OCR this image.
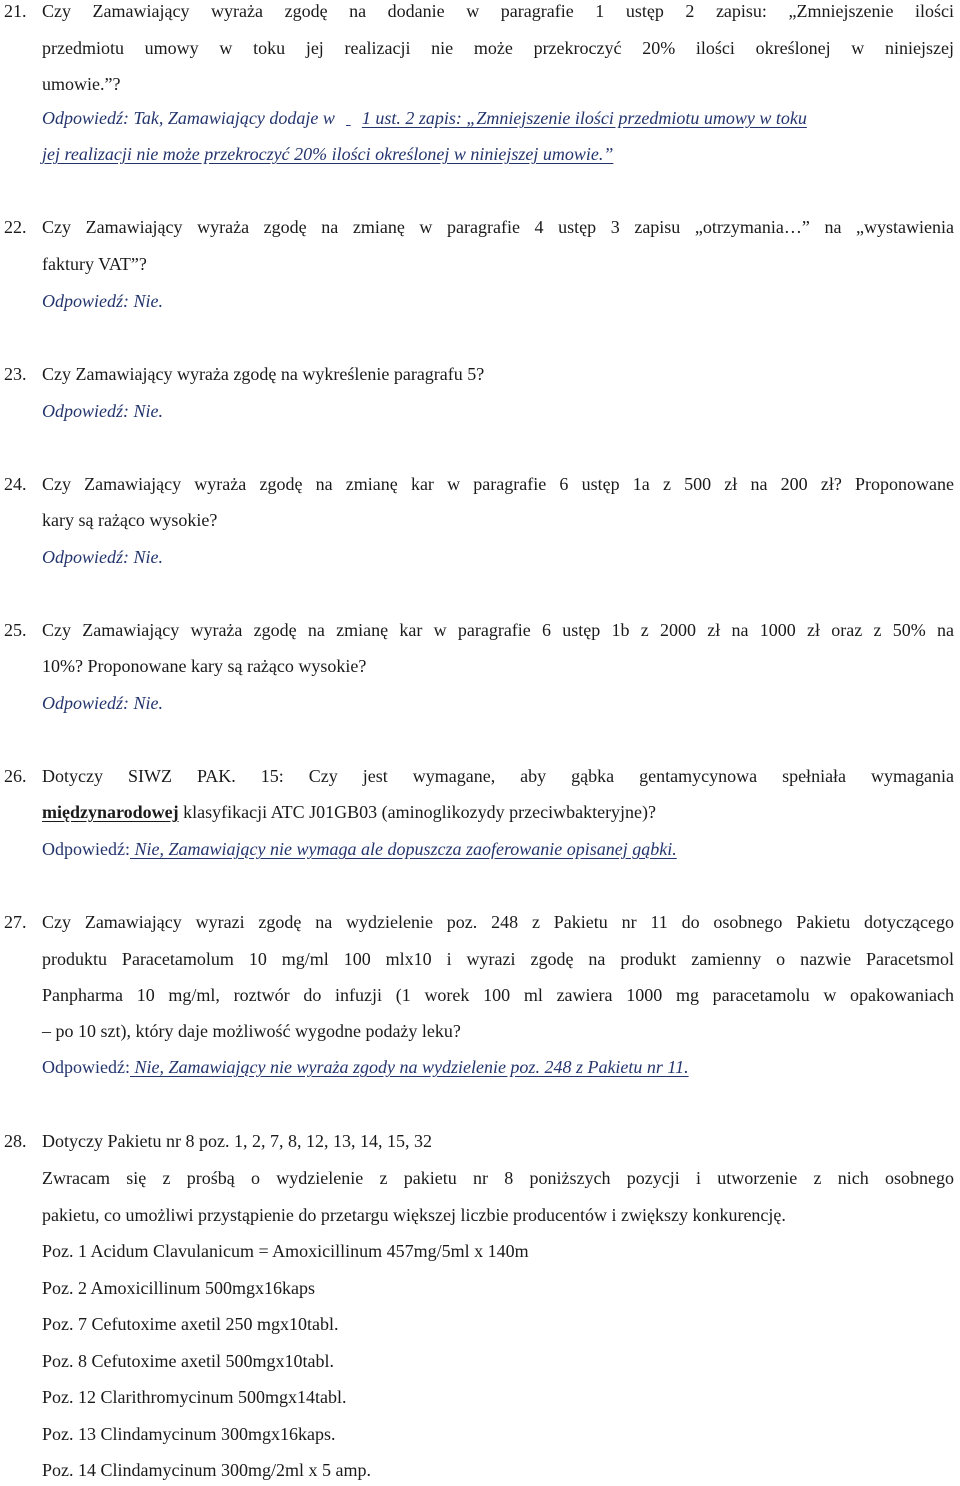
21. Czy Zamawiający wyraża zgodę na dodanie w paragrafie 1 ustęp 2 zapisu: „Zmniejszenie ilości
przedmiotu umowy w toku jej realizacji nie może przekroczyć 20% ilości określonej w niniejszej
umowie.”?
Odpowiedź: Tak, Zamawiający dodaje w 1 ust. 2 zapis: „Zmniejszenie ilości przedmiotu umowy w toku
jej realizacji nie może przekroczyć 20% ilości określonej w niniejszej umowie.”
22. Czy Zamawiający wyraża zgodę na zmianę w paragrafie 4 ustęp 3 zapisu „otrzymania…” na „wystawienia
faktury VAT”?
Odpowiedź: Nie.
23. Czy Zamawiający wyraża zgodę na wykreślenie paragrafu 5?
Odpowiedź: Nie.
24. Czy Zamawiający wyraża zgodę na zmianę kar w paragrafie 6 ustęp 1a z 500 zł na 200 zł? Proponowane
kary są rażąco wysokie?
Odpowiedź: Nie.
25. Czy Zamawiający wyraża zgodę na zmianę kar w paragrafie 6 ustęp 1b z 2000 zł na 1000 zł oraz z 50% na
10%? Proponowane kary są rażąco wysokie?
Odpowiedź: Nie.
26. Dotyczy SIWZ PAK. 15: Czy jest wymagane, aby gąbka gentamycynowa spełniała wymagania
międzynarodowej klasyfikacji ATC J01GB03 (aminoglikozydy przeciwbakteryjne)?
Odpowiedź: Nie, Zamawiający nie wymaga ale dopuszcza zaoferowanie opisanej gąbki.
27. Czy Zamawiający wyrazi zgodę na wydzielenie poz. 248 z Pakietu nr 11 do osobnego Pakietu dotyczącego
produktu Paracetamolum 10 mg/ml 100 mlx10 i wyrazi zgodę na produkt zamienny o nazwie Paracetsmol
Panpharma 10 mg/ml, roztwór do infuzji (1 worek 100 ml zawiera 1000 mg paracetamolu w opakowaniach
– po 10 szt), który daje możliwość wygodne podaży leku?
Odpowiedź: Nie, Zamawiający nie wyraża zgody na wydzielenie poz. 248 z Pakietu nr 11.
28. Dotyczy Pakietu nr 8 poz. 1, 2, 7, 8, 12, 13, 14, 15, 32
Zwracam się z prośbą o wydzielenie z pakietu nr 8 poniższych pozycji i utworzenie z nich osobnego
pakietu, co umożliwi przystąpienie do przetargu większej liczbie producentów i zwiększy konkurencję.
Poz. 1 Acidum Clavulanicum = Amoxicillinum 457mg/5ml x 140m
Poz. 2 Amoxicillinum 500mgx16kaps
Poz. 7 Cefutoxime axetil 250 mgx10tabl.
Poz. 8 Cefutoxime axetil 500mgx10tabl.
Poz. 12 Clarithromycinum 500mgx14tabl.
Poz. 13 Clindamycinum 300mgx16kaps.
Poz. 14 Clindamycinum 300mg/2ml x 5 amp.
